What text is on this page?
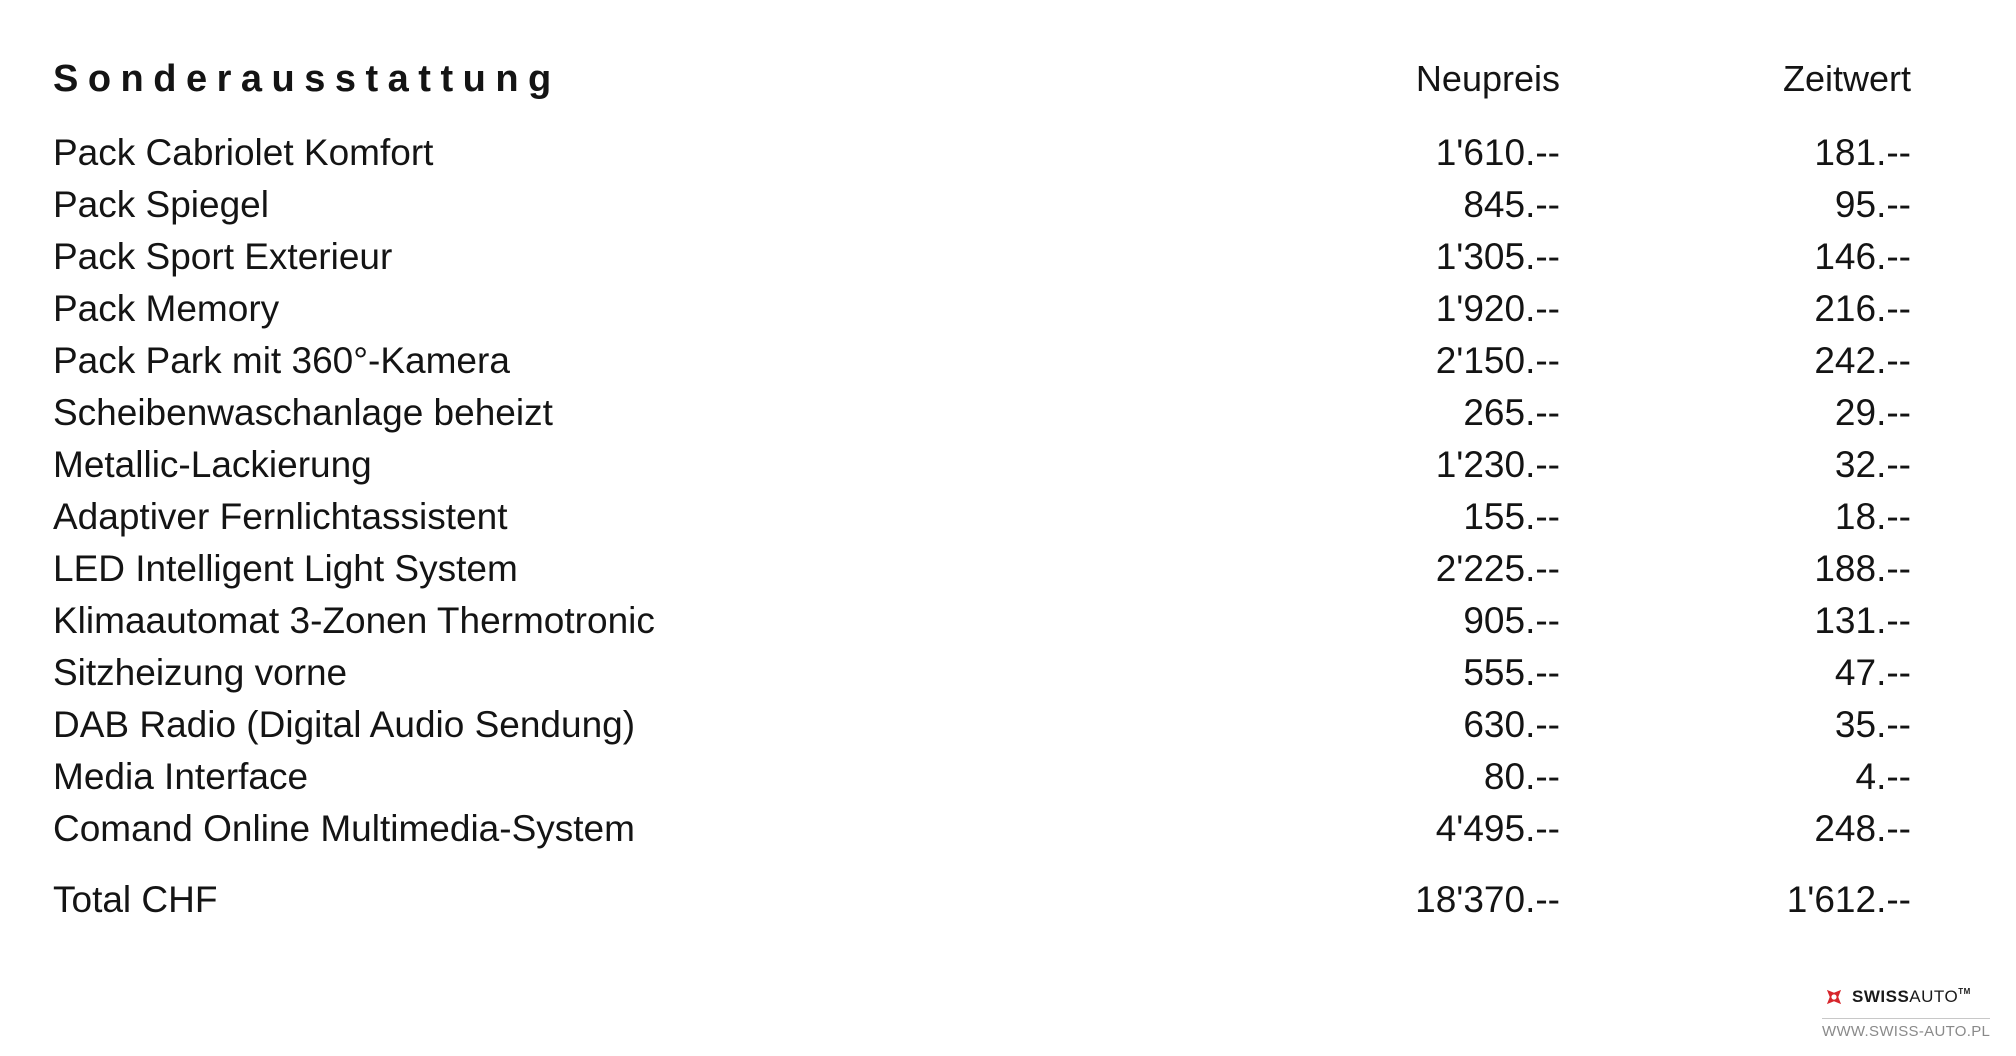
Sonderausstattung	Neupreis	Zeitwert
Pack Cabriolet Komfort	1'610.--	181.--
Pack Spiegel	845.--	95.--
Pack Sport Exterieur	1'305.--	146.--
Pack Memory	1'920.--	216.--
Pack Park mit 360°-Kamera	2'150.--	242.--
Scheibenwaschanlage beheizt	265.--	29.--
Metallic-Lackierung	1'230.--	32.--
Adaptiver Fernlichtassistent	155.--	18.--
LED Intelligent Light System	2'225.--	188.--
Klimaautomat 3-Zonen Thermotronic	905.--	131.--
Sitzheizung vorne	555.--	47.--
DAB Radio (Digital Audio Sendung)	630.--	35.--
Media Interface	80.--	4.--
Comand Online Multimedia-System	4'495.--	248.--
Total CHF	18'370.--	1'612.--
SWISSAUTO™
WWW.SWISS-AUTO.PL
